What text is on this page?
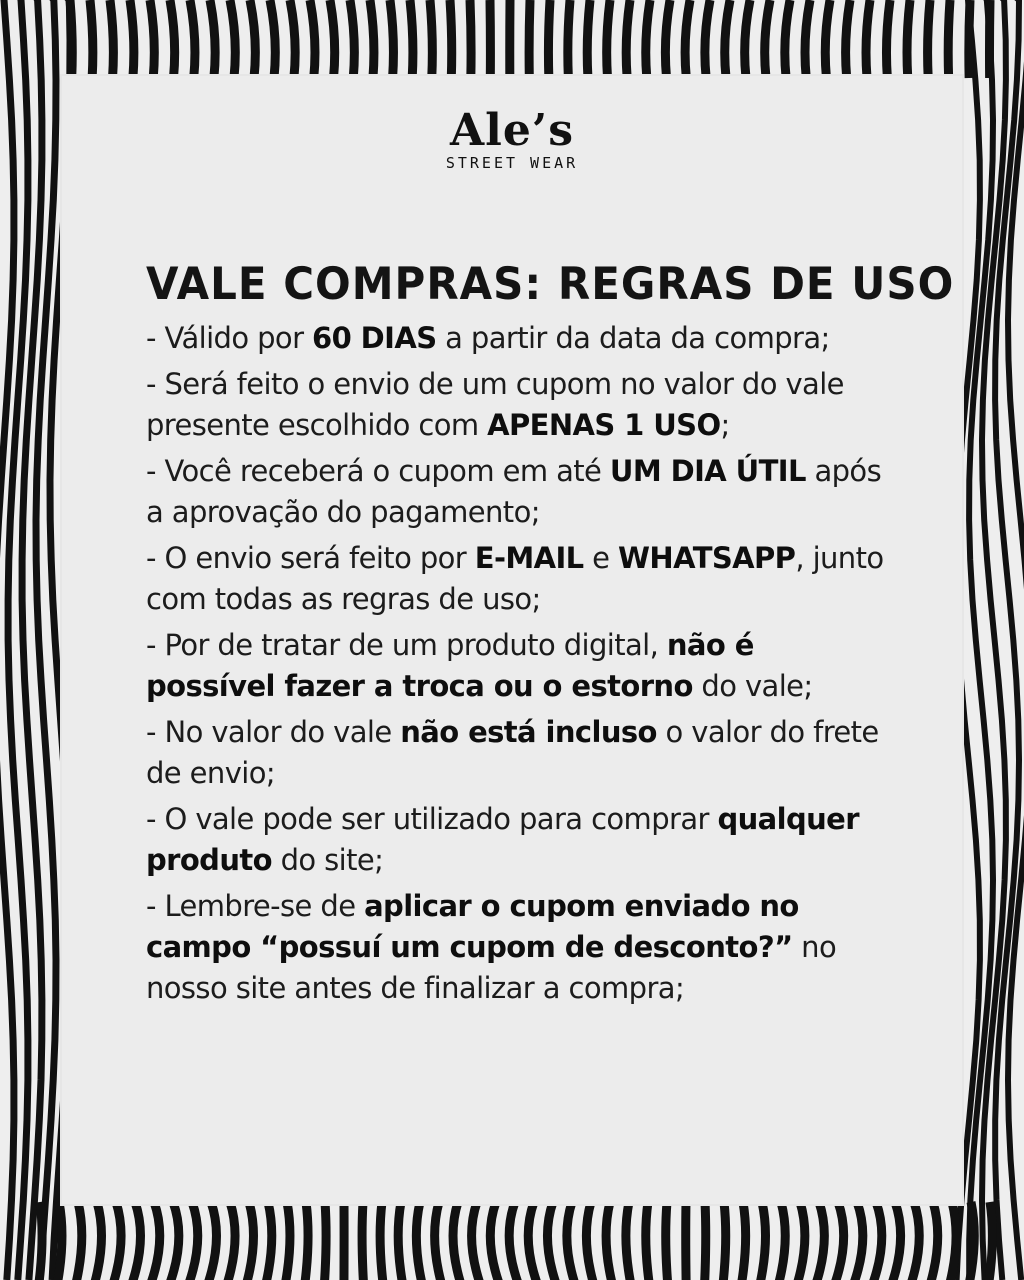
Ale’s
STREET WEAR
VALE COMPRAS: REGRAS DE USO

- Válido por 60 DIAS a partir da data da compra;

- Será feito o envio de um cupom no valor do vale presente escolhido com APENAS 1 USO;

- Você receberá o cupom em até UM DIA ÚTIL após a aprovação do pagamento;

- O envio será feito por E-MAIL e WHATSAPP, junto com todas as regras de uso;

- Por de tratar de um produto digital, não é possível fazer a troca ou o estorno do vale;

- No valor do vale não está incluso o valor do frete de envio;

- O vale pode ser utilizado para comprar qualquer produto do site;

- Lembre-se de aplicar o cupom enviado no campo “possuí um cupom de desconto?” no nosso site antes de finalizar a compra;
